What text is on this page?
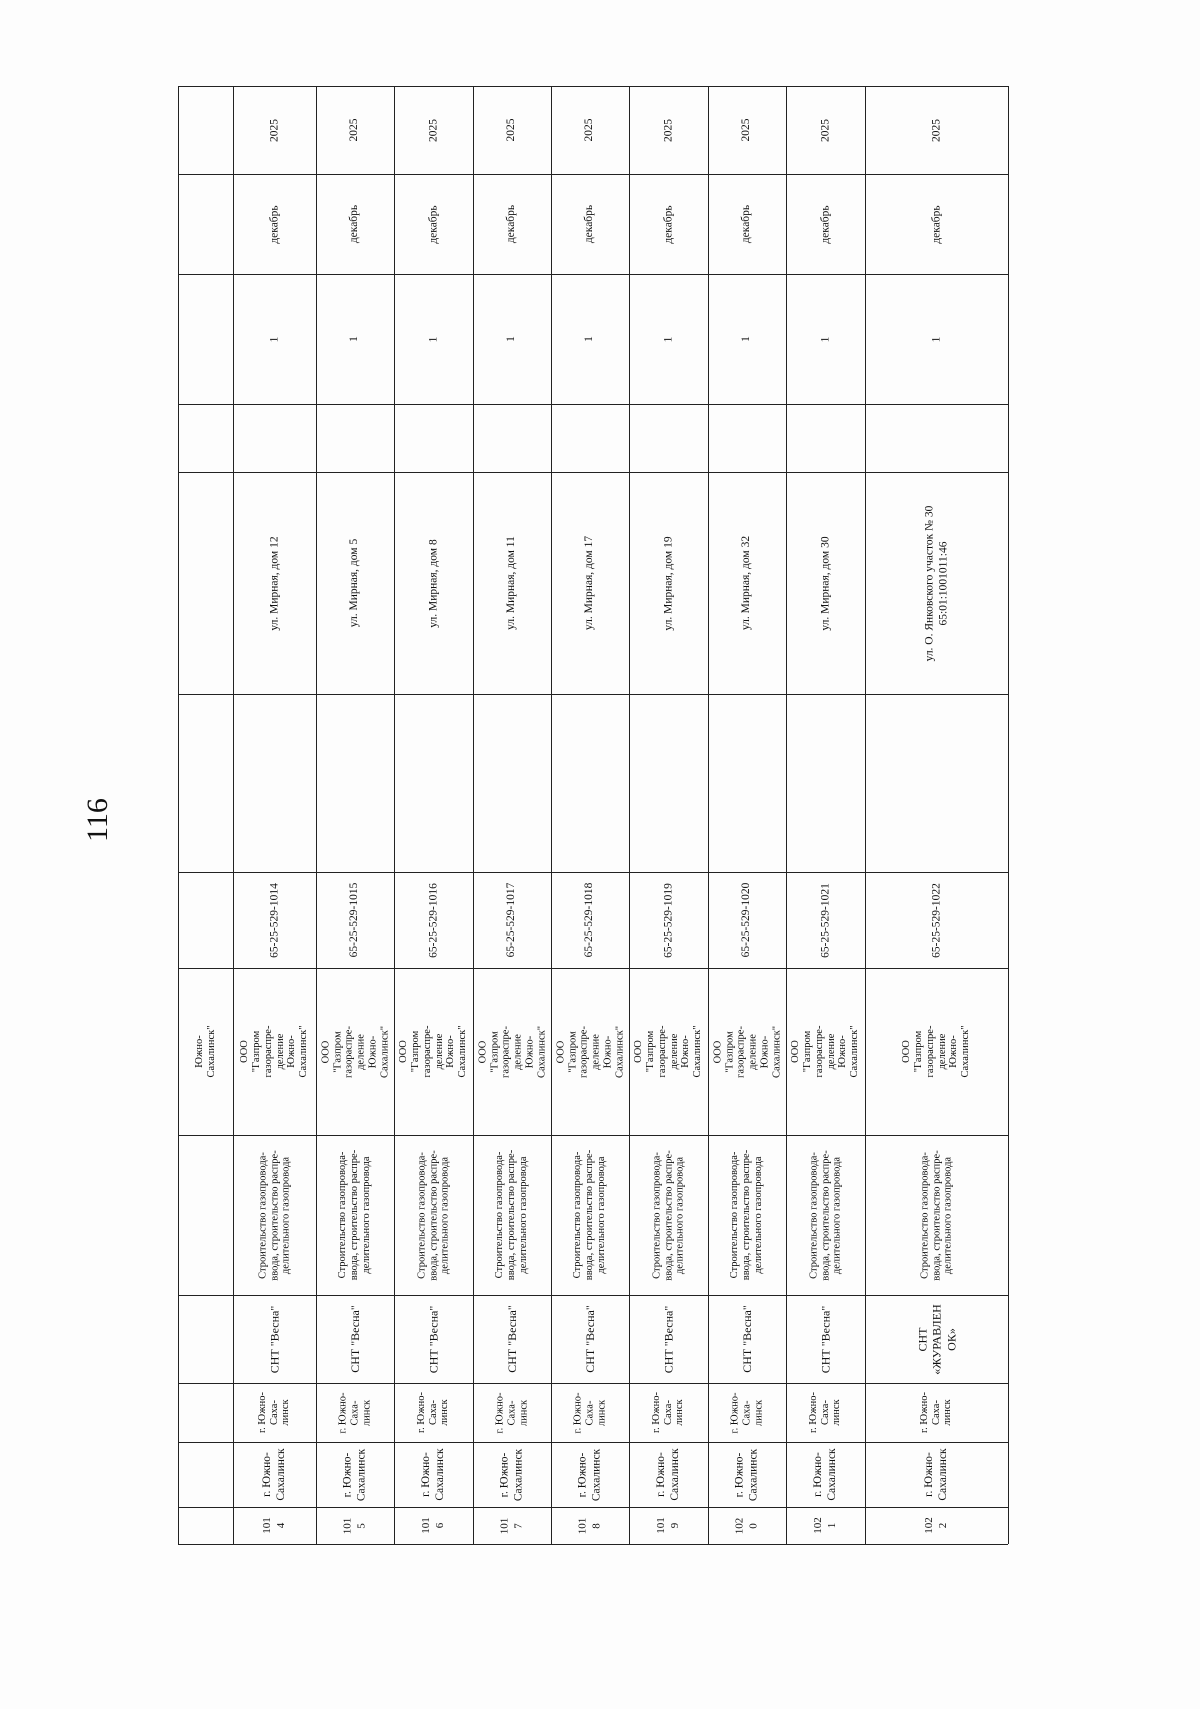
116
Южно-
Сахалинск"
2025
декабрь
1
ул. Мирная, дом 12
65-25-529-1014
ООО
"Газпром
газораспре-
деление
Южно-
Сахалинск"
Строительство газопровода-
ввода, строительство распре-
делительного газопровода
СНТ "Весна"
г. Южно-
Саха-
линск
г. Южно-
Сахалинск
101
4
2025
декабрь
1
ул. Мирная, дом 5
65-25-529-1015
ООО
"Газпром
газораспре-
деление
Южно-
Сахалинск"
Строительство газопровода-
ввода, строительство распре-
делительного газопровода
СНТ "Весна"
г. Южно-
Саха-
линск
г. Южно-
Сахалинск
101
5
2025
декабрь
1
ул. Мирная, дом 8
65-25-529-1016
ООО
"Газпром
газораспре-
деление
Южно-
Сахалинск"
Строительство газопровода-
ввода, строительство распре-
делительного газопровода
СНТ "Весна"
г. Южно-
Саха-
линск
г. Южно-
Сахалинск
101
6
2025
декабрь
1
ул. Мирная, дом 11
65-25-529-1017
ООО
"Газпром
газораспре-
деление
Южно-
Сахалинск"
Строительство газопровода-
ввода, строительство распре-
делительного газопровода
СНТ "Весна"
г. Южно-
Саха-
линск
г. Южно-
Сахалинск
101
7
2025
декабрь
1
ул. Мирная, дом 17
65-25-529-1018
ООО
"Газпром
газораспре-
деление
Южно-
Сахалинск"
Строительство газопровода-
ввода, строительство распре-
делительного газопровода
СНТ "Весна"
г. Южно-
Саха-
линск
г. Южно-
Сахалинск
101
8
2025
декабрь
1
ул. Мирная, дом 19
65-25-529-1019
ООО
"Газпром
газораспре-
деление
Южно-
Сахалинск"
Строительство газопровода-
ввода, строительство распре-
делительного газопровода
СНТ "Весна"
г. Южно-
Саха-
линск
г. Южно-
Сахалинск
101
9
2025
декабрь
1
ул. Мирная, дом 32
65-25-529-1020
ООО
"Газпром
газораспре-
деление
Южно-
Сахалинск"
Строительство газопровода-
ввода, строительство распре-
делительного газопровода
СНТ "Весна"
г. Южно-
Саха-
линск
г. Южно-
Сахалинск
102
0
2025
декабрь
1
ул. Мирная, дом 30
65-25-529-1021
ООО
"Газпром
газораспре-
деление
Южно-
Сахалинск"
Строительство газопровода-
ввода, строительство распре-
делительного газопровода
СНТ "Весна"
г. Южно-
Саха-
линск
г. Южно-
Сахалинск
102
1
2025
декабрь
1
ул. О. Янковского участок № 30
65:01:1001011:46
65-25-529-1022
ООО
"Газпром
газораспре-
деление
Южно-
Сахалинск"
Строительство газопровода-
ввода, строительство распре-
делительного газопровода
СНТ
«ЖУРАВЛЕН
ОК»
г. Южно-
Саха-
линск
г. Южно-
Сахалинск
102
2
